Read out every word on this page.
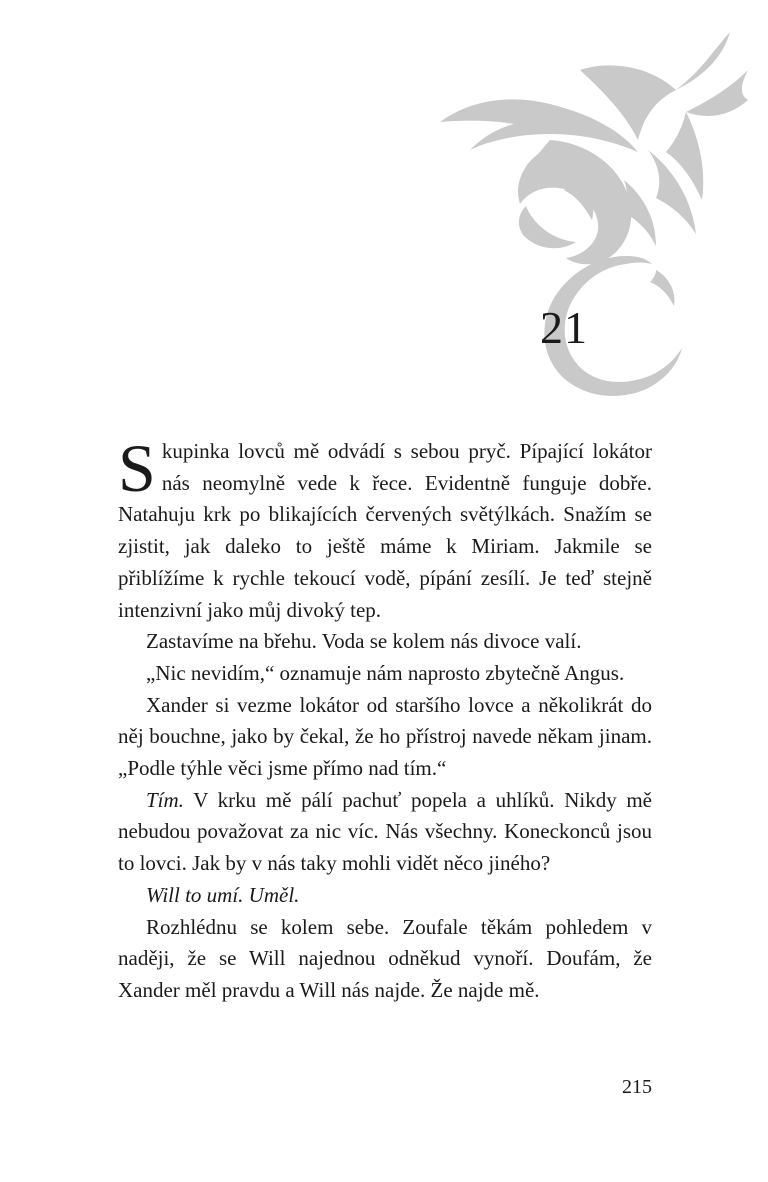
21

Skupinka lovců mě odvádí s sebou pryč. Pípající lokátor nás neomylně vede k řece. Evidentně funguje dobře. Natahuju krk po blikajících červených světýlkách. Snažím se zjistit, jak daleko to ještě máme k Miriam. Jakmile se přiblížíme k rychle tekoucí vodě, pípání zesílí. Je teď stejně intenzivní jako můj divoký tep.

Zastavíme na břehu. Voda se kolem nás divoce valí.

„Nic nevidím,“ oznamuje nám naprosto zbytečně Angus.

Xander si vezme lokátor od staršího lovce a několikrát do něj bouchne, jako by čekal, že ho přístroj navede někam jinam. „Podle týhle věci jsme přímo nad tím.“

Tím. V krku mě pálí pachuť popela a uhlíků. Nikdy mě nebudou považovat za nic víc. Nás všechny. Koneckonců jsou to lovci. Jak by v nás taky mohli vidět něco jiného?

Will to umí. Uměl.

Rozhlédnu se kolem sebe. Zoufale těkám pohledem v naději, že se Will najednou odněkud vynoří. Doufám, že Xander měl pravdu a Will nás najde. Že najde mě.

215
